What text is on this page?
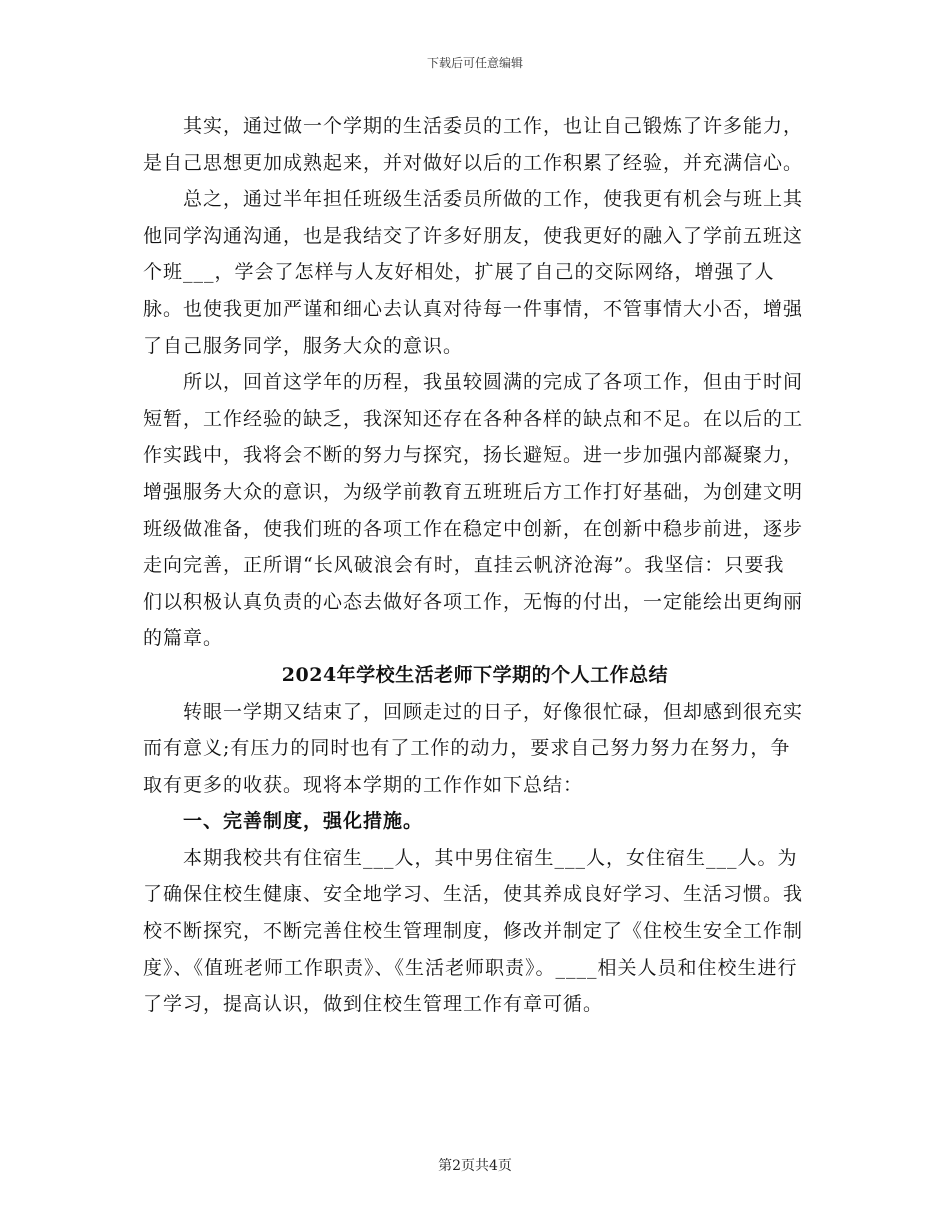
下载后可任意编辑

其实，通过做一个学期的生活委员的工作，也让自己锻炼了许多能力，是自己思想更加成熟起来，并对做好以后的工作积累了经验，并充满信心。

总之，通过半年担任班级生活委员所做的工作，使我更有机会与班上其他同学沟通沟通，也是我结交了许多好朋友，使我更好的融入了学前五班这个班___，学会了怎样与人友好相处，扩展了自己的交际网络，增强了人脉。也使我更加严谨和细心去认真对待每一件事情，不管事情大小否，增强了自己服务同学，服务大众的意识。

所以，回首这学年的历程，我虽较圆满的完成了各项工作，但由于时间短暂，工作经验的缺乏，我深知还存在各种各样的缺点和不足。在以后的工作实践中，我将会不断的努力与探究，扬长避短。进一步加强内部凝聚力，增强服务大众的意识，为级学前教育五班班后方工作打好基础，为创建文明班级做准备，使我们班的各项工作在稳定中创新，在创新中稳步前进，逐步走向完善，正所谓“长风破浪会有时，直挂云帆济沧海”。我坚信：只要我们以积极认真负责的心态去做好各项工作，无悔的付出，一定能绘出更绚丽的篇章。

2024年学校生活老师下学期的个人工作总结

转眼一学期又结束了，回顾走过的日子，好像很忙碌，但却感到很充实而有意义;有压力的同时也有了工作的动力，要求自己努力努力在努力，争取有更多的收获。现将本学期的工作作如下总结：

一、完善制度，强化措施。

本期我校共有住宿生___人，其中男住宿生___人，女住宿生___人。为了确保住校生健康、安全地学习、生活，使其养成良好学习、生活习惯。我校不断探究，不断完善住校生管理制度，修改并制定了《住校生安全工作制度》、《值班老师工作职责》、《生活老师职责》。____相关人员和住校生进行了学习，提高认识，做到住校生管理工作有章可循。

第2页共4页
